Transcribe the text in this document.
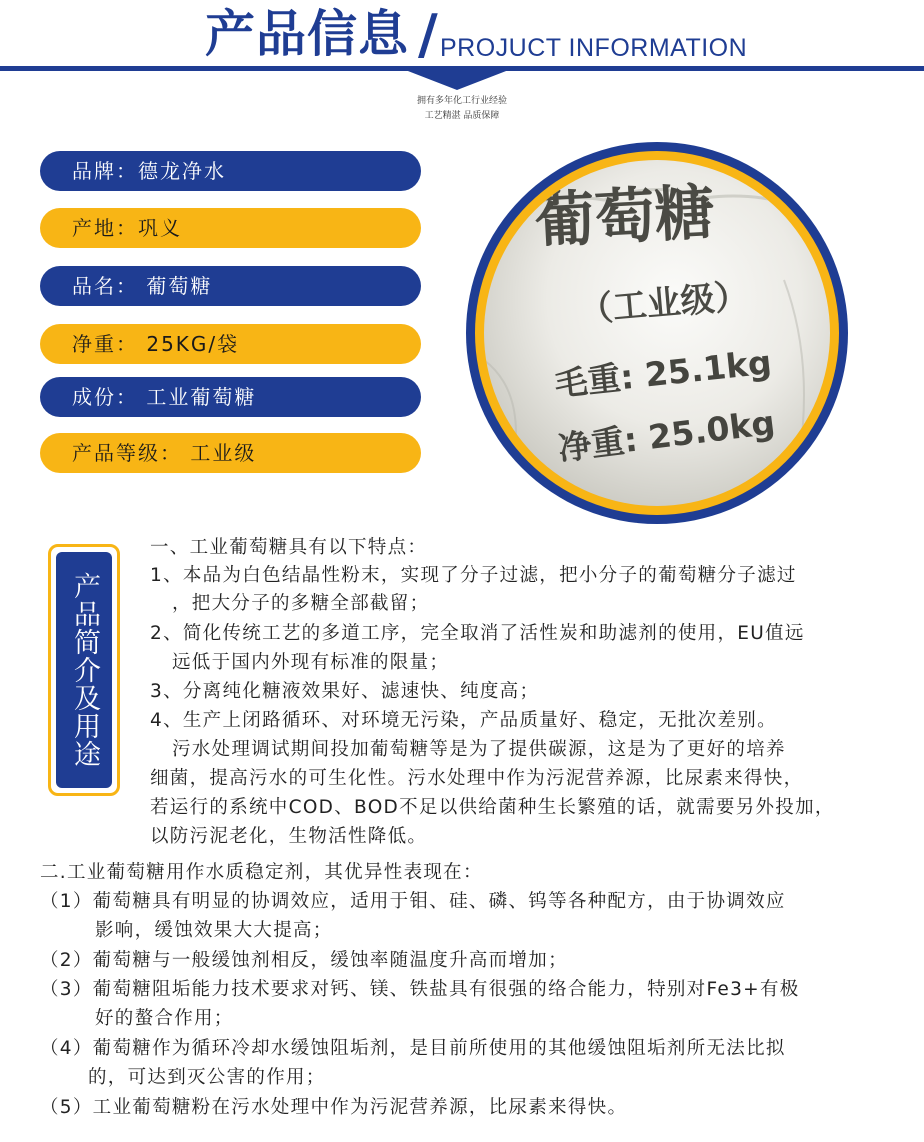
产品信息 / PROJUCT INFORMATION
拥有多年化工行业经验
工艺精湛 品质保障
品牌：德龙净水
产地：巩义
品名： 葡萄糖
净重： 25KG/袋
成份： 工业葡萄糖
产品等级： 工业级
葡萄糖
（工业级）
毛重: 25.1kg
净重: 25.0kg
产品简介及用途
一、工业葡萄糖具有以下特点：
1、本品为白色结晶性粉末，实现了分子过滤，把小分子的葡萄糖分子滤过
，把大分子的多糖全部截留；
2、简化传统工艺的多道工序，完全取消了活性炭和助滤剂的使用，EU值远
远低于国内外现有标准的限量；
3、分离纯化糖液效果好、滤速快、纯度高；
4、生产上闭路循环、对环境无污染，产品质量好、稳定，无批次差别。
污水处理调试期间投加葡萄糖等是为了提供碳源，这是为了更好的培养
细菌，提高污水的可生化性。污水处理中作为污泥营养源，比尿素来得快，
若运行的系统中COD、BOD不足以供给菌种生长繁殖的话，就需要另外投加，
以防污泥老化，生物活性降低。
二.工业葡萄糖用作水质稳定剂，其优异性表现在：
（1）葡萄糖具有明显的协调效应，适用于钼、硅、磷、钨等各种配方，由于协调效应
影响，缓蚀效果大大提高；
（2）葡萄糖与一般缓蚀剂相反，缓蚀率随温度升高而增加；
（3）葡萄糖阻垢能力技术要求对钙、镁、铁盐具有很强的络合能力，特别对Fe3+有极
好的螯合作用；
（4）葡萄糖作为循环冷却水缓蚀阻垢剂，是目前所使用的其他缓蚀阻垢剂所无法比拟
的，可达到灭公害的作用；
（5）工业葡萄糖粉在污水处理中作为污泥营养源，比尿素来得快。
